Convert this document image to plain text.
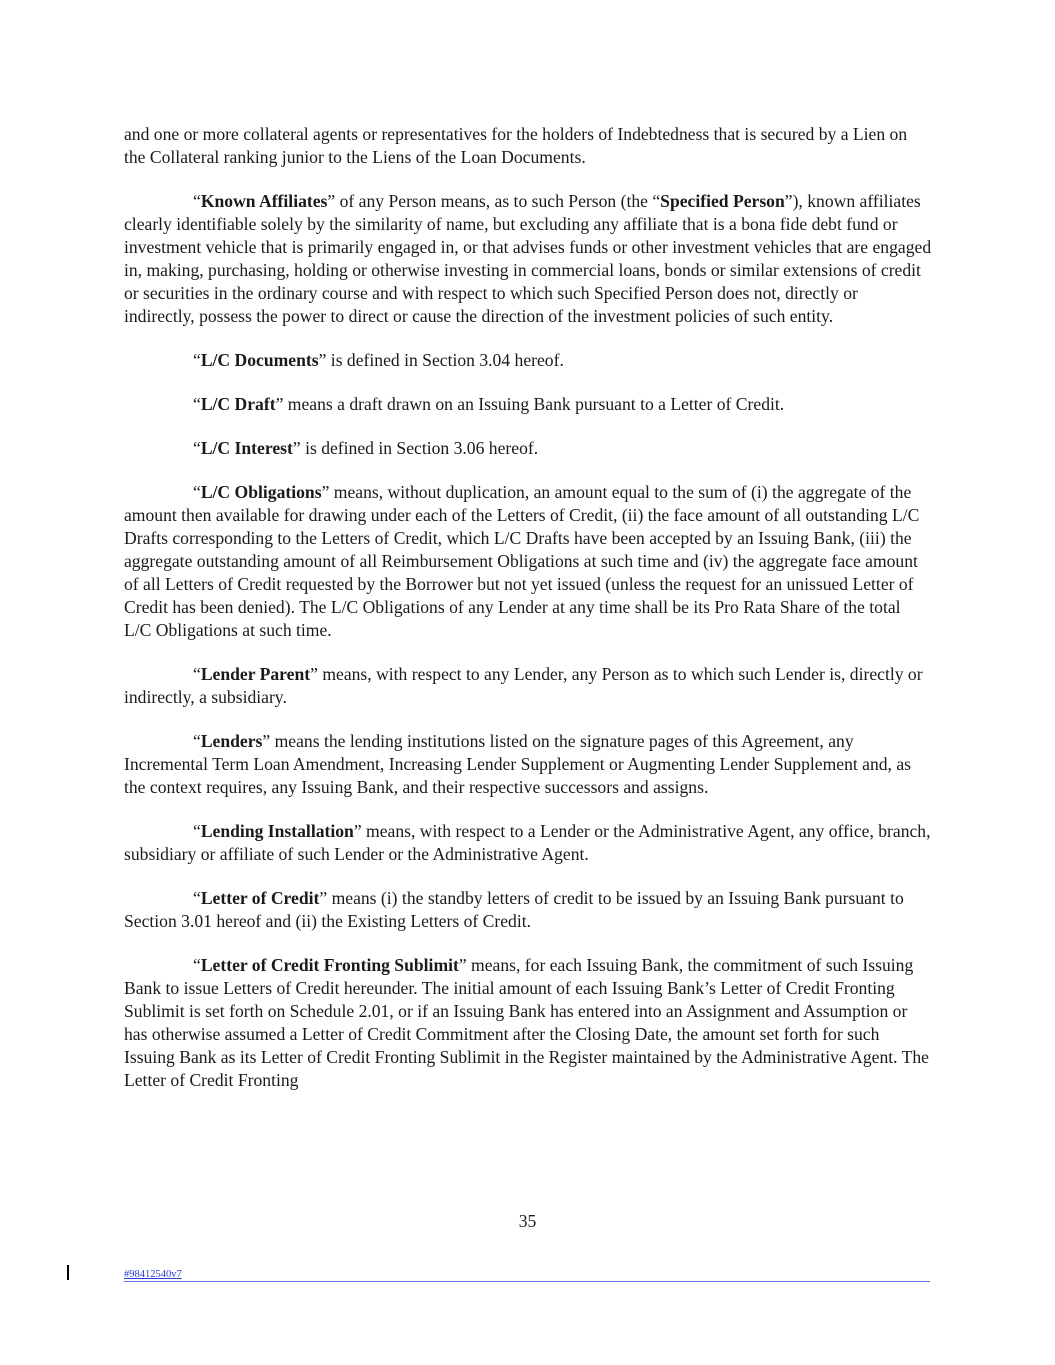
and one or more collateral agents or representatives for the holders of Indebtedness that is secured by a Lien on the Collateral ranking junior to the Liens of the Loan Documents.

“Known Affiliates” of any Person means, as to such Person (the “Specified Person”), known affiliates clearly identifiable solely by the similarity of name, but excluding any affiliate that is a bona fide debt fund or investment vehicle that is primarily engaged in, or that advises funds or other investment vehicles that are engaged in, making, purchasing, holding or otherwise investing in commercial loans, bonds or similar extensions of credit or securities in the ordinary course and with respect to which such Specified Person does not, directly or indirectly, possess the power to direct or cause the direction of the investment policies of such entity.

“L/C Documents” is defined in Section 3.04 hereof.

“L/C Draft” means a draft drawn on an Issuing Bank pursuant to a Letter of Credit.

“L/C Interest” is defined in Section 3.06 hereof.

“L/C Obligations” means, without duplication, an amount equal to the sum of (i) the aggregate of the amount then available for drawing under each of the Letters of Credit, (ii) the face amount of all outstanding L/C Drafts corresponding to the Letters of Credit, which L/C Drafts have been accepted by an Issuing Bank, (iii) the aggregate outstanding amount of all Reimbursement Obligations at such time and (iv) the aggregate face amount of all Letters of Credit requested by the Borrower but not yet issued (unless the request for an unissued Letter of Credit has been denied). The L/C Obligations of any Lender at any time shall be its Pro Rata Share of the total L/C Obligations at such time.

“Lender Parent” means, with respect to any Lender, any Person as to which such Lender is, directly or indirectly, a subsidiary.

“Lenders” means the lending institutions listed on the signature pages of this Agreement, any Incremental Term Loan Amendment, Increasing Lender Supplement or Augmenting Lender Supplement and, as the context requires, any Issuing Bank, and their respective successors and assigns.

“Lending Installation” means, with respect to a Lender or the Administrative Agent, any office, branch, subsidiary or affiliate of such Lender or the Administrative Agent.

“Letter of Credit” means (i) the standby letters of credit to be issued by an Issuing Bank pursuant to Section 3.01 hereof and (ii) the Existing Letters of Credit.

“Letter of Credit Fronting Sublimit” means, for each Issuing Bank, the commitment of such Issuing Bank to issue Letters of Credit hereunder. The initial amount of each Issuing Bank’s Letter of Credit Fronting Sublimit is set forth on Schedule 2.01, or if an Issuing Bank has entered into an Assignment and Assumption or has otherwise assumed a Letter of Credit Commitment after the Closing Date, the amount set forth for such Issuing Bank as its Letter of Credit Fronting Sublimit in the Register maintained by the Administrative Agent. The Letter of Credit Fronting

35
#98412540v7
